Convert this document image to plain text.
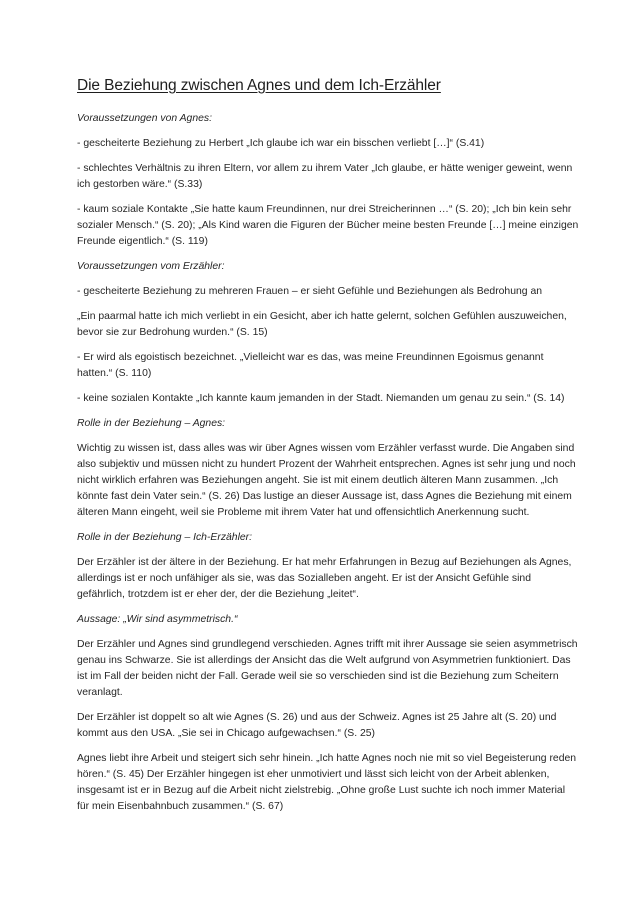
Die Beziehung zwischen Agnes und dem Ich-Erzähler

Voraussetzungen von Agnes:

- gescheiterte Beziehung zu Herbert „Ich glaube ich war ein bisschen verliebt […]“ (S.41)

- schlechtes Verhältnis zu ihren Eltern, vor allem zu ihrem Vater „Ich glaube, er hätte weniger geweint, wenn ich gestorben wäre.“ (S.33)

- kaum soziale Kontakte „Sie hatte kaum Freundinnen, nur drei Streicherinnen …“ (S. 20); „Ich bin kein sehr sozialer Mensch.“ (S. 20); „Als Kind waren die Figuren der Bücher meine besten Freunde […] meine einzigen Freunde eigentlich.“ (S. 119)

Voraussetzungen vom Erzähler:

- gescheiterte Beziehung zu mehreren Frauen – er sieht Gefühle und Beziehungen als Bedrohung an

„Ein paarmal hatte ich mich verliebt in ein Gesicht, aber ich hatte gelernt, solchen Gefühlen auszuweichen, bevor sie zur Bedrohung wurden.“ (S. 15)

- Er wird als egoistisch bezeichnet. „Vielleicht war es das, was meine Freundinnen Egoismus genannt hatten.“ (S. 110)

- keine sozialen Kontakte „Ich kannte kaum jemanden in der Stadt. Niemanden um genau zu sein.“ (S. 14)

Rolle in der Beziehung – Agnes:

Wichtig zu wissen ist, dass alles was wir über Agnes wissen vom Erzähler verfasst wurde. Die Angaben sind also subjektiv und müssen nicht zu hundert Prozent der Wahrheit entsprechen. Agnes ist sehr jung und noch nicht wirklich erfahren was Beziehungen angeht. Sie ist mit einem deutlich älteren Mann zusammen. „Ich könnte fast dein Vater sein.“ (S. 26) Das lustige an dieser Aussage ist, dass Agnes die Beziehung mit einem älteren Mann eingeht, weil sie Probleme mit ihrem Vater hat und offensichtlich Anerkennung sucht.

Rolle in der Beziehung – Ich-Erzähler:

Der Erzähler ist der ältere in der Beziehung. Er hat mehr Erfahrungen in Bezug auf Beziehungen als Agnes, allerdings ist er noch unfähiger als sie, was das Sozialleben angeht. Er ist der Ansicht Gefühle sind gefährlich, trotzdem ist er eher der, der die Beziehung „leitet“.

Aussage: „Wir sind asymmetrisch.“

Der Erzähler und Agnes sind grundlegend verschieden. Agnes trifft mit ihrer Aussage sie seien asymmetrisch genau ins Schwarze. Sie ist allerdings der Ansicht das die Welt aufgrund von Asymmetrien funktioniert. Das ist im Fall der beiden nicht der Fall. Gerade weil sie so verschieden sind ist die Beziehung zum Scheitern veranlagt.

Der Erzähler ist doppelt so alt wie Agnes (S. 26) und aus der Schweiz. Agnes ist 25 Jahre alt (S. 20) und kommt aus den USA. „Sie sei in Chicago aufgewachsen.“ (S. 25)

Agnes liebt ihre Arbeit und steigert sich sehr hinein. „Ich hatte Agnes noch nie mit so viel Begeisterung reden hören.“ (S. 45) Der Erzähler hingegen ist eher unmotiviert und lässt sich leicht von der Arbeit ablenken, insgesamt ist er in Bezug auf die Arbeit nicht zielstrebig. „Ohne große Lust suchte ich noch immer Material für mein Eisenbahnbuch zusammen.“ (S. 67)
